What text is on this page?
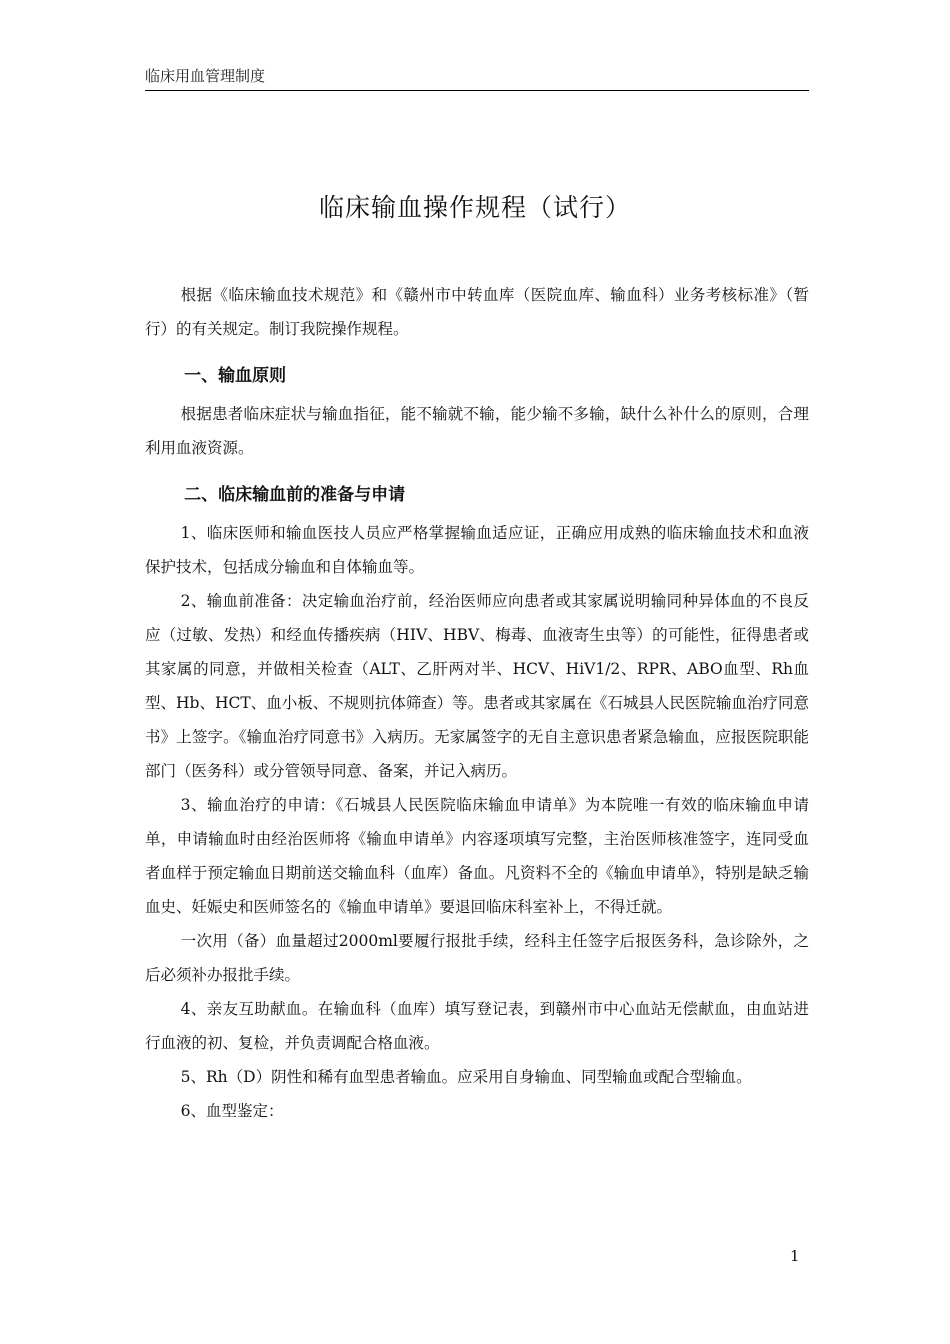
临床用血管理制度
临床输血操作规程（试行）

根据《临床输血技术规范》和《赣州市中转血库（医院血库、输血科）业务考核标准》（暂行）的有关规定。制订我院操作规程。

一、输血原则

根据患者临床症状与输血指征，能不输就不输，能少输不多输，缺什么补什么的原则，合理利用血液资源。

二、临床输血前的准备与申请

1、临床医师和输血医技人员应严格掌握输血适应证，正确应用成熟的临床输血技术和血液保护技术，包括成分输血和自体输血等。

2、输血前准备：决定输血治疗前，经治医师应向患者或其家属说明输同种异体血的不良反应（过敏、发热）和经血传播疾病（HIV、HBV、梅毒、血液寄生虫等）的可能性，征得患者或其家属的同意，并做相关检查（ALT、乙肝两对半、HCV、HiV1/2、RPR、ABO血型、Rh血型、Hb、HCT、血小板、不规则抗体筛查）等。患者或其家属在《石城县人民医院输血治疗同意书》上签字。《输血治疗同意书》入病历。无家属签字的无自主意识患者紧急输血，应报医院职能部门（医务科）或分管领导同意、备案，并记入病历。

3、输血治疗的申请：《石城县人民医院临床输血申请单》为本院唯一有效的临床输血申请单，申请输血时由经治医师将《输血申请单》内容逐项填写完整，主治医师核准签字，连同受血者血样于预定输血日期前送交输血科（血库）备血。凡资料不全的《输血申请单》，特别是缺乏输血史、妊娠史和医师签名的《输血申请单》要退回临床科室补上，不得迁就。

一次用（备）血量超过2000ml要履行报批手续，经科主任签字后报医务科，急诊除外，之后必须补办报批手续。

4、亲友互助献血。在输血科（血库）填写登记表，到赣州市中心血站无偿献血，由血站进行血液的初、复检，并负责调配合格血液。

5、Rh（D）阴性和稀有血型患者输血。应采用自身输血、同型输血或配合型输血。

6、血型鉴定：

1
